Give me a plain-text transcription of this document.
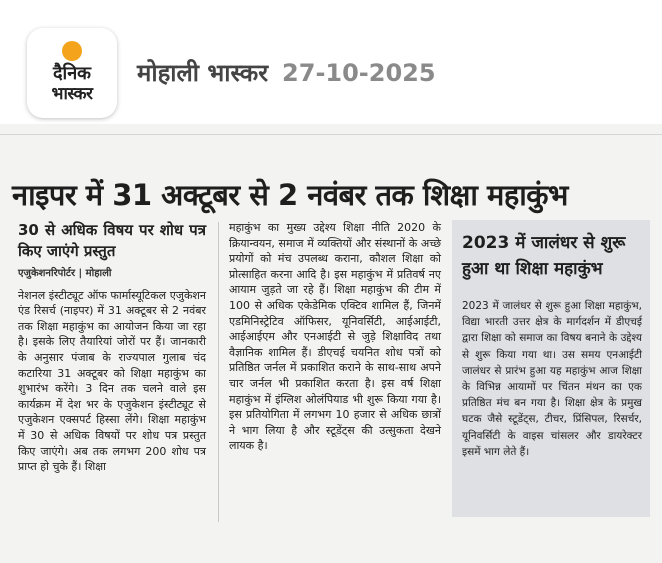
दैनिक
भास्कर
मोहाली भास्कर 27-10-2025
नाइपर में 31 अक्टूबर से 2 नवंबर तक शिक्षा महाकुंभ
30 से अधिक विषय पर शोध पत्र किए जाएंगे प्रस्तुत
एजुकेशनरिपोर्टर | मोहाली
नेशनल इंस्टीट्यूट ऑफ फार्मास्यूटिकल एजुकेशन एंड रिसर्च (नाइपर) में 31 अक्टूबर से 2 नवंबर तक शिक्षा महाकुंभ का आयोजन किया जा रहा है। इसके लिए तैयारियां जोरों पर हैं। जानकारी के अनुसार पंजाब के राज्यपाल गुलाब चंद कटारिया 31 अक्टूबर को शिक्षा महाकुंभ का शुभारंभ करेंगे। 3 दिन तक चलने वाले इस कार्यक्रम में देश भर के एजुकेशन इंस्टीट्यूट से एजुकेशन एक्सपर्ट हिस्सा लेंगे। शिक्षा महाकुंभ में 30 से अधिक विषयों पर शोध पत्र प्रस्तुत किए जाएंगे। अब तक लगभग 200 शोध पत्र प्राप्त हो चुके हैं। शिक्षा
महाकुंभ का मुख्य उद्देश्य शिक्षा नीति 2020 के क्रियान्वयन, समाज में व्यक्तियों और संस्थानों के अच्छे प्रयोगों को मंच उपलब्ध कराना, कौशल शिक्षा को प्रोत्साहित करना आदि है। इस महाकुंभ में प्रतिवर्ष नए आयाम जुड़ते जा रहे हैं। शिक्षा महाकुंभ की टीम में 100 से अधिक एकेडेमिक एक्टिव शामिल हैं, जिनमें एडमिनिस्ट्रेटिव ऑफिसर, यूनिवर्सिटी, आईआईटी, आईआईएम और एनआईटी से जुड़े शिक्षाविद तथा वैज्ञानिक शामिल हैं। डीएचई चयनित शोध पत्रों को प्रतिष्ठित जर्नल में प्रकाशित कराने के साथ-साथ अपने चार जर्नल भी प्रकाशित करता है। इस वर्ष शिक्षा महाकुंभ में इंग्लिश ओलंपियाड भी शुरू किया गया है। इस प्रतियोगिता में लगभग 10 हजार से अधिक छात्रों ने भाग लिया है और स्टूडेंट्स की उत्सुकता देखने लायक है।
2023 में जालंधर से शुरू हुआ था शिक्षा महाकुंभ
2023 में जालंधर से शुरू हुआ शिक्षा महाकुंभ, विद्या भारती उत्तर क्षेत्र के मार्गदर्शन में डीएचई द्वारा शिक्षा को समाज का विषय बनाने के उद्देश्य से शुरू किया गया था। उस समय एनआईटी जालंधर से प्रारंभ हुआ यह महाकुंभ आज शिक्षा के विभिन्न आयामों पर चिंतन मंथन का एक प्रतिष्ठित मंच बन गया है। शिक्षा क्षेत्र के प्रमुख घटक जैसे स्टूडेंट्स, टीचर, प्रिंसिपल, रिसर्चर, यूनिवर्सिटी के वाइस चांसलर और डायरेक्टर इसमें भाग लेते हैं।
